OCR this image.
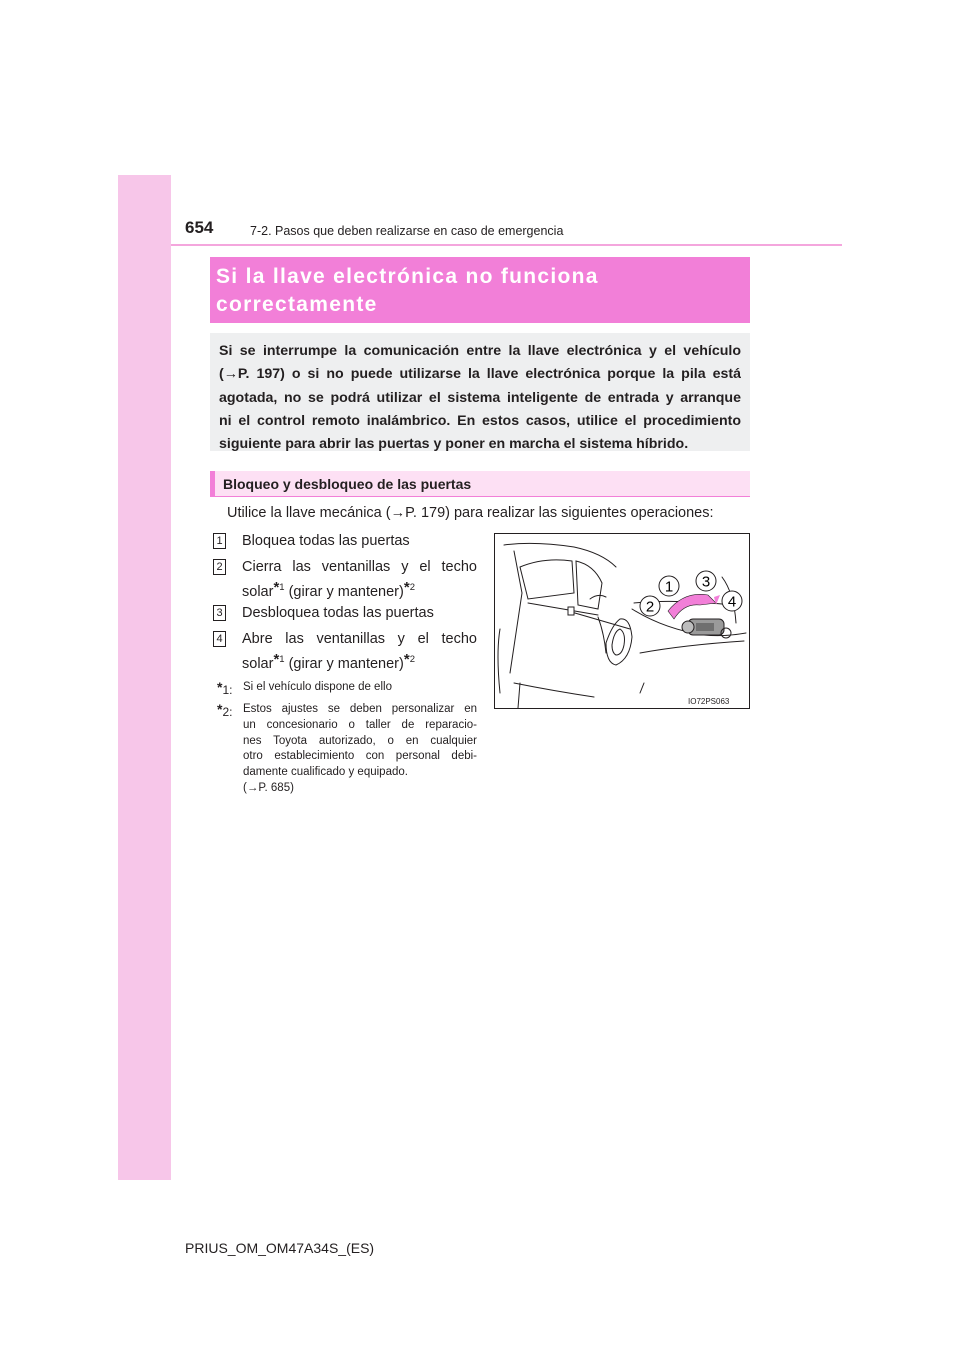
654	7-2. Pasos que deben realizarse en caso de emergencia
Si la llave electrónica no funciona
correctamente
Si se interrumpe la comunicación entre la llave electrónica y el vehículo
(→P. 197) o si no puede utilizarse la llave electrónica porque la pila está
agotada, no se podrá utilizar el sistema inteligente de entrada y arranque
ni el control remoto inalámbrico. En estos casos, utilice el procedimiento
siguiente para abrir las puertas y poner en marcha el sistema híbrido.
Bloqueo y desbloqueo de las puertas
Utilice la llave mecánica (→P. 179) para realizar las siguientes operaciones:
1 Bloquea todas las puertas
2 Cierra las ventanillas y el techo
solar*$^1$ (girar y mantener)*$^2$
3 Desbloquea todas las puertas
4 Abre las ventanillas y el techo
solar*$^1$ (girar y mantener)*$^2$
*1: Si el vehículo dispone de ello
*2: Estos ajustes se deben personalizar en
un concesionario o taller de reparacio-
nes Toyota autorizado, o en cualquier
otro establecimiento con personal debi-
damente cualificado y equipado.
(→P. 685)
1
2
3
4
IO72PS063
PRIUS_OM_OM47A34S_(ES)
